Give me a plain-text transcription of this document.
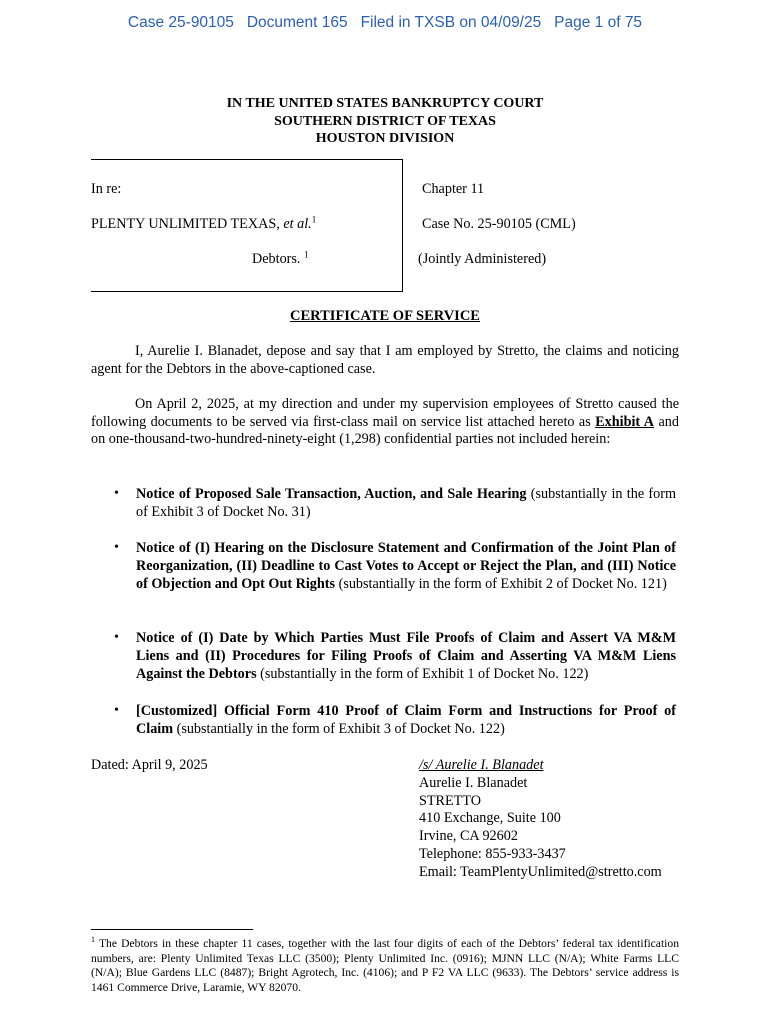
Case 25-90105   Document 165   Filed in TXSB on 04/09/25   Page 1 of 75
IN THE UNITED STATES BANKRUPTCY COURT
SOUTHERN DISTRICT OF TEXAS
HOUSTON DIVISION
In re:
PLENTY UNLIMITED TEXAS, et al.$^1$
Debtors. $^1$
Chapter 11
Case No. 25-90105 (CML)
(Jointly Administered)
CERTIFICATE OF SERVICE

I, Aurelie I. Blanadet, depose and say that I am employed by Stretto, the claims and noticing agent for the Debtors in the above-captioned case.

On April 2, 2025, at my direction and under my supervision employees of Stretto caused the following documents to be served via first-class mail on service list attached hereto as Exhibit A and on one-thousand-two-hundred-ninety-eight (1,298) confidential parties not included herein:

• Notice of Proposed Sale Transaction, Auction, and Sale Hearing (substantially in the form of Exhibit 3 of Docket No. 31)
• Notice of (I) Hearing on the Disclosure Statement and Confirmation of the Joint Plan of Reorganization, (II) Deadline to Cast Votes to Accept or Reject the Plan, and (III) Notice of Objection and Opt Out Rights (substantially in the form of Exhibit 2 of Docket No. 121)
• Notice of (I) Date by Which Parties Must File Proofs of Claim and Assert VA M&M Liens and (II) Procedures for Filing Proofs of Claim and Asserting VA M&M Liens Against the Debtors (substantially in the form of Exhibit 1 of Docket No. 122)
• [Customized] Official Form 410 Proof of Claim Form and Instructions for Proof of Claim (substantially in the form of Exhibit 3 of Docket No. 122)
Dated: April 9, 2025	/s/ Aurelie I. Blanadet
Aurelie I. Blanadet
STRETTO
410 Exchange, Suite 100
Irvine, CA 92602
Telephone: 855-933-3437
Email: TeamPlentyUnlimited@stretto.com
$^1$ The Debtors in these chapter 11 cases, together with the last four digits of each of the Debtors’ federal tax identification numbers, are: Plenty Unlimited Texas LLC (3500); Plenty Unlimited Inc. (0916); MJNN LLC (N/A); White Farms LLC (N/A); Blue Gardens LLC (8487); Bright Agrotech, Inc. (4106); and P F2 VA LLC (9633). The Debtors’ service address is 1461 Commerce Drive, Laramie, WY 82070.
